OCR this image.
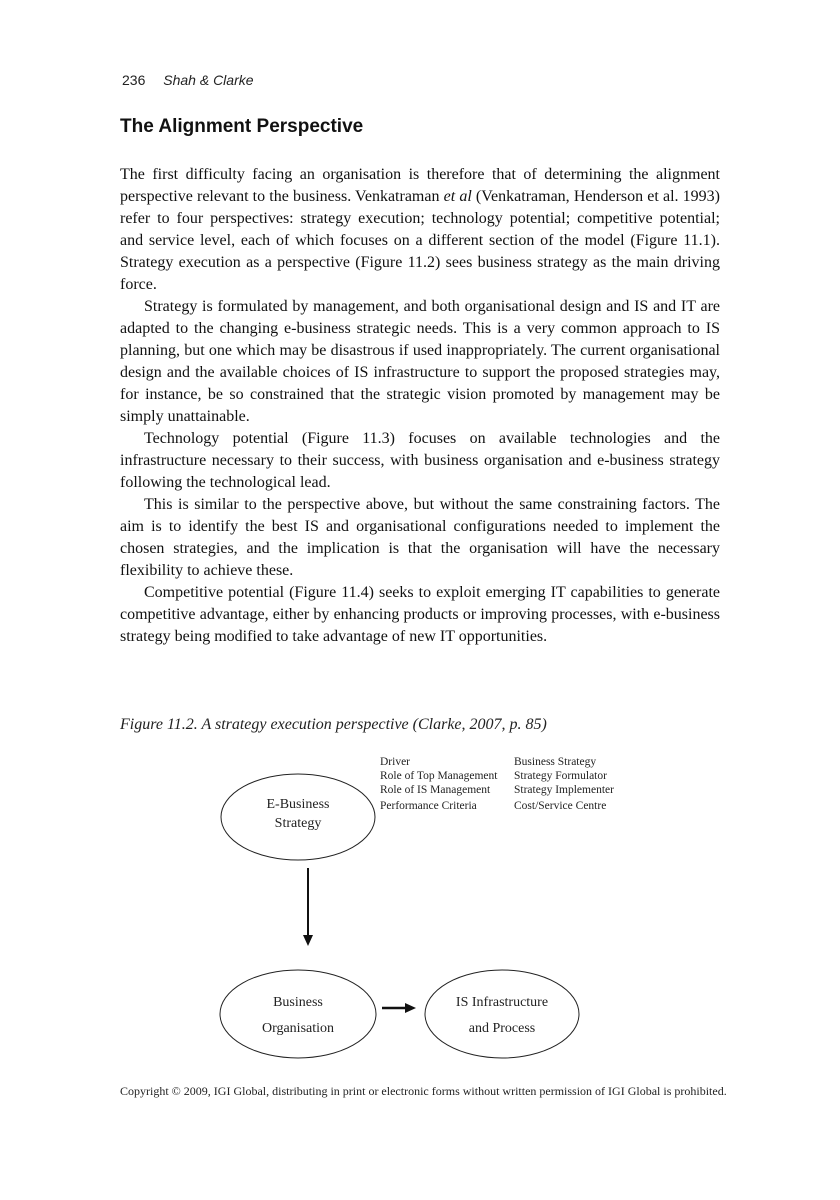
236 Shah & Clarke
The Alignment Perspective

The first difficulty facing an organisation is therefore that of determining the alignment perspective relevant to the business. Venkatraman et al (Venkatraman, Henderson et al. 1993) refer to four perspectives: strategy execution; technology potential; competitive potential; and service level, each of which focuses on a different section of the model (Figure 11.1). Strategy execution as a perspective (Figure 11.2) sees business strategy as the main driving force.

Strategy is formulated by management, and both organisational design and IS and IT are adapted to the changing e-business strategic needs. This is a very common approach to IS planning, but one which may be disastrous if used inappropriately. The current organisational design and the available choices of IS infrastructure to support the proposed strategies may, for instance, be so constrained that the strategic vision promoted by management may be simply unattainable.

Technology potential (Figure 11.3) focuses on available technologies and the infrastructure necessary to their success, with business organisation and e-business strategy following the technological lead.

This is similar to the perspective above, but without the same constraining factors. The aim is to identify the best IS and organisational configurations needed to implement the chosen strategies, and the implication is that the organisation will have the necessary flexibility to achieve these.

Competitive potential (Figure 11.4) seeks to exploit emerging IT capabilities to generate competitive advantage, either by enhancing products or improving processes, with e-business strategy being modified to take advantage of new IT opportunities.

Figure 11.2. A strategy execution perspective (Clarke, 2007, p. 85)
Driver
Role of Top Management
Role of IS Management
Performance Criteria
Business Strategy
Strategy Formulator
Strategy Implementer
Cost/Service Centre
E-Business
Strategy
Business
Organisation
IS Infrastructure
and Process
Copyright © 2009, IGI Global, distributing in print or electronic forms without written permission of IGI Global is prohibited.
